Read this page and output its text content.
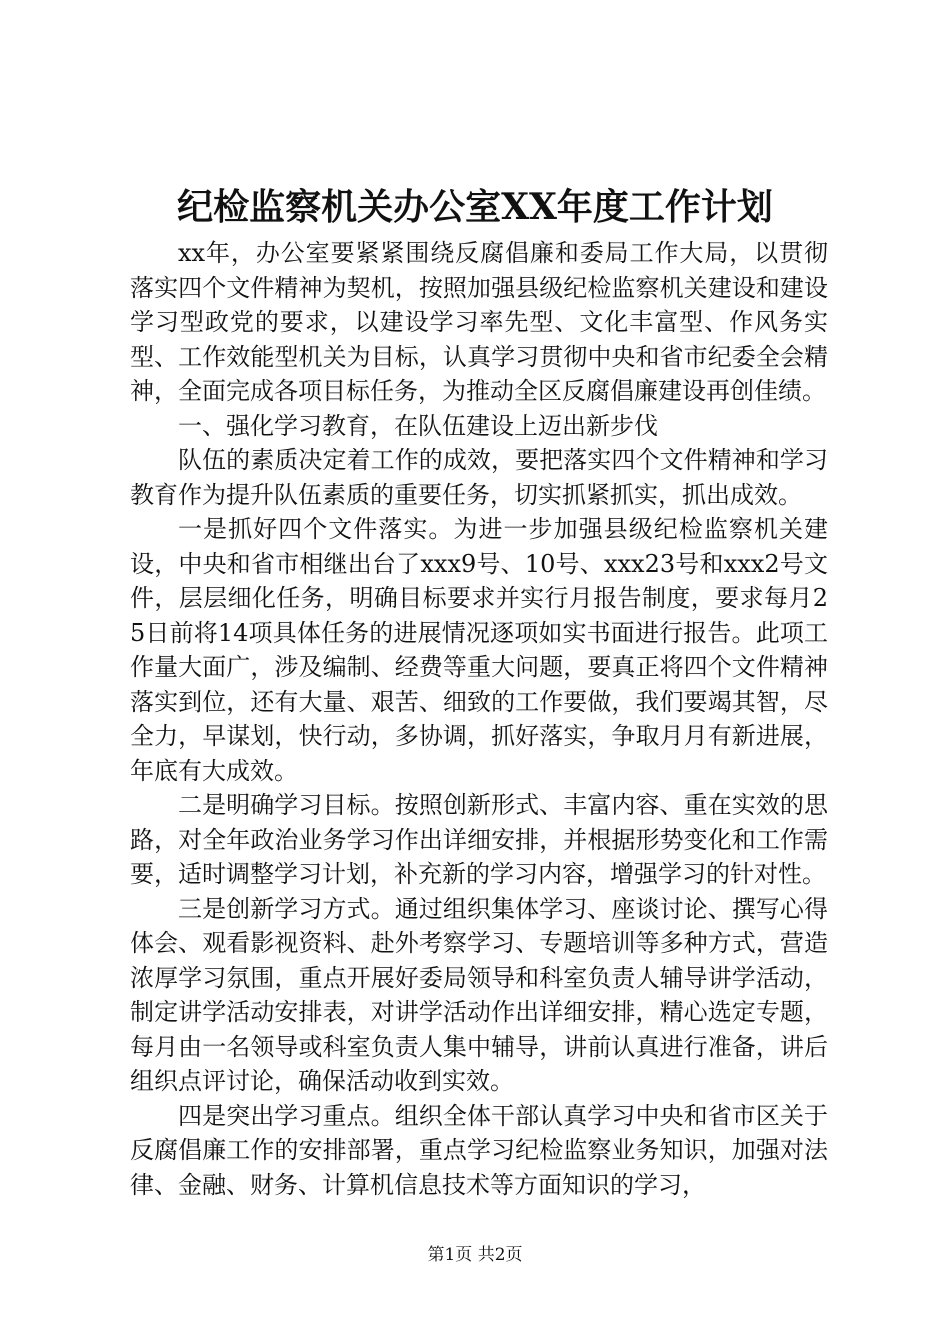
纪检监察机关办公室XX年度工作计划

xx年，办公室要紧紧围绕反腐倡廉和委局工作大局，以贯彻落实四个文件精神为契机，按照加强县级纪检监察机关建设和建设学习型政党的要求，以建设学习率先型、文化丰富型、作风务实型、工作效能型机关为目标，认真学习贯彻中央和省市纪委全会精神，全面完成各项目标任务，为推动全区反腐倡廉建设再创佳绩。

一、强化学习教育，在队伍建设上迈出新步伐

队伍的素质决定着工作的成效，要把落实四个文件精神和学习教育作为提升队伍素质的重要任务，切实抓紧抓实，抓出成效。

一是抓好四个文件落实。为进一步加强县级纪检监察机关建设，中央和省市相继出台了xxx9号、10号、xxx23号和xxx2号文件，层层细化任务，明确目标要求并实行月报告制度，要求每月25日前将14项具体任务的进展情况逐项如实书面进行报告。此项工作量大面广，涉及编制、经费等重大问题，要真正将四个文件精神落实到位，还有大量、艰苦、细致的工作要做，我们要竭其智，尽全力，早谋划，快行动，多协调，抓好落实，争取月月有新进展，年底有大成效。

二是明确学习目标。按照创新形式、丰富内容、重在实效的思路，对全年政治业务学习作出详细安排，并根据形势变化和工作需要，适时调整学习计划，补充新的学习内容，增强学习的针对性。

三是创新学习方式。通过组织集体学习、座谈讨论、撰写心得体会、观看影视资料、赴外考察学习、专题培训等多种方式，营造浓厚学习氛围，重点开展好委局领导和科室负责人辅导讲学活动，制定讲学活动安排表，对讲学活动作出详细安排，精心选定专题，每月由一名领导或科室负责人集中辅导，讲前认真进行准备，讲后组织点评讨论，确保活动收到实效。

四是突出学习重点。组织全体干部认真学习中央和省市区关于反腐倡廉工作的安排部署，重点学习纪检监察业务知识，加强对法律、金融、财务、计算机信息技术等方面知识的学习，

第1页 共2页
